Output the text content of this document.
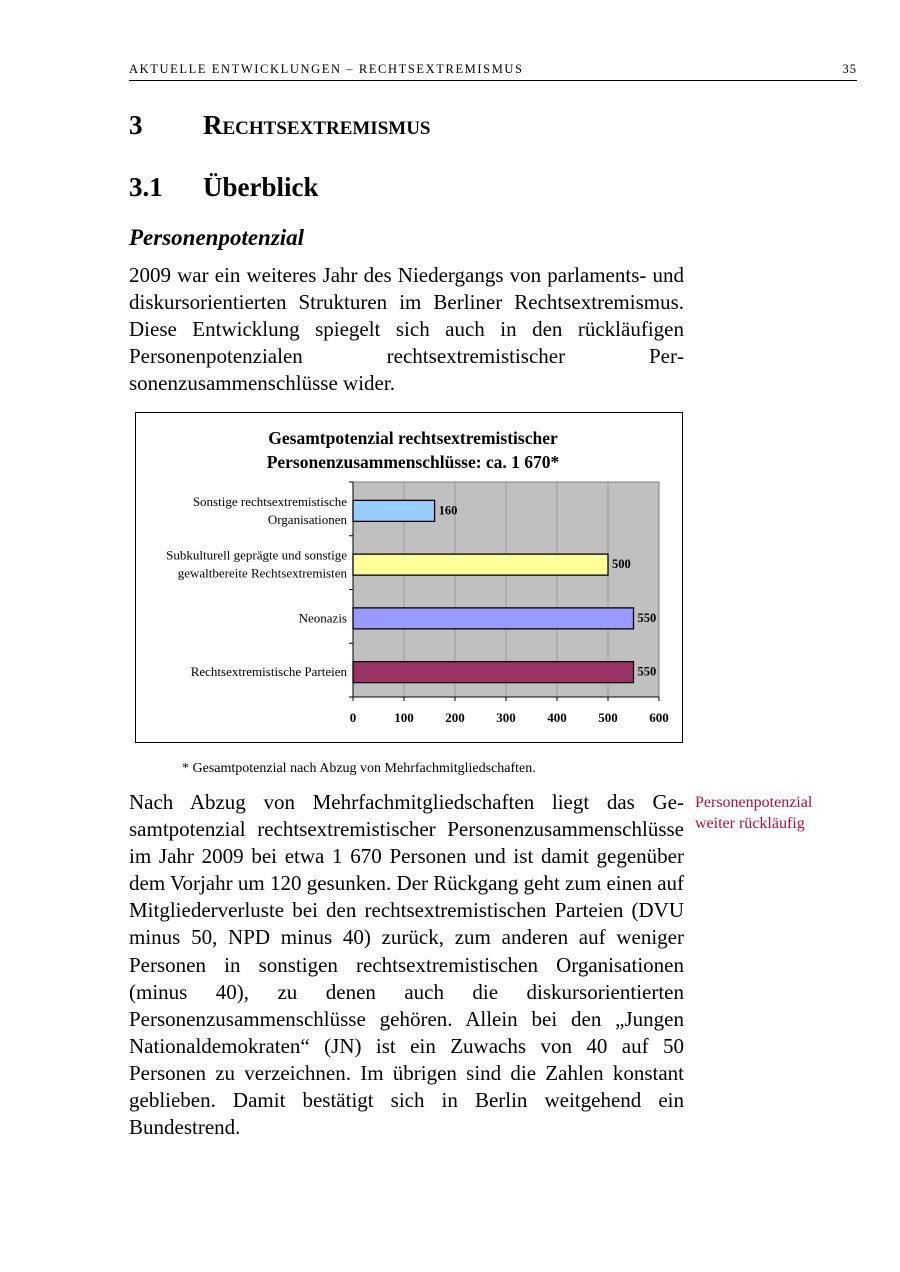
AKTUELLE ENTWICKLUNGEN – RECHTSEXTREMISMUS	35
3 Rechtsextremismus
3.1 Überblick
Personenpotenzial

2009 war ein weiteres Jahr des Niedergangs von parlaments- und diskursorientierten Strukturen im Berliner Rechtsextremismus. Diese Entwicklung spiegelt sich auch in den rückläufigen Personenpotenzialen rechtsextremistischer Personenzusammenschlüsse wider.

Gesamtpotenzial rechtsextremistischer
Personenzusammenschlüsse: ca. 1 670*
0	100 200 300 400 500 600
160
Sonstige rechtsextremistische
Organisationen
500
Subkulturell geprägte und sonstige
gewaltbereite Rechtsextremisten
550
Neonazis
550
Rechtsextremistische Parteien
* Gesamtpotenzial nach Abzug von Mehrfachmitgliedschaften.
Personenpotenzial weiter rückläufig

Nach Abzug von Mehrfachmitgliedschaften liegt das Gesamtpotenzial rechtsextremistischer Personenzusammenschlüsse im Jahr 2009 bei etwa 1 670 Personen und ist damit gegenüber dem Vorjahr um 120 gesunken. Der Rückgang geht zum einen auf Mitgliederverluste bei den rechtsextremistischen Parteien (DVU minus 50, NPD minus 40) zurück, zum anderen auf weniger Personen in sonstigen rechtsextremistischen Organisationen (minus 40), zu denen auch die diskursorientierten Personenzusammenschlüsse gehören. Allein bei den „Jungen Nationaldemokraten“ (JN) ist ein Zuwachs von 40 auf 50 Personen zu verzeichnen. Im übrigen sind die Zahlen konstant geblieben. Damit bestätigt sich in Berlin weitgehend ein Bundestrend.
